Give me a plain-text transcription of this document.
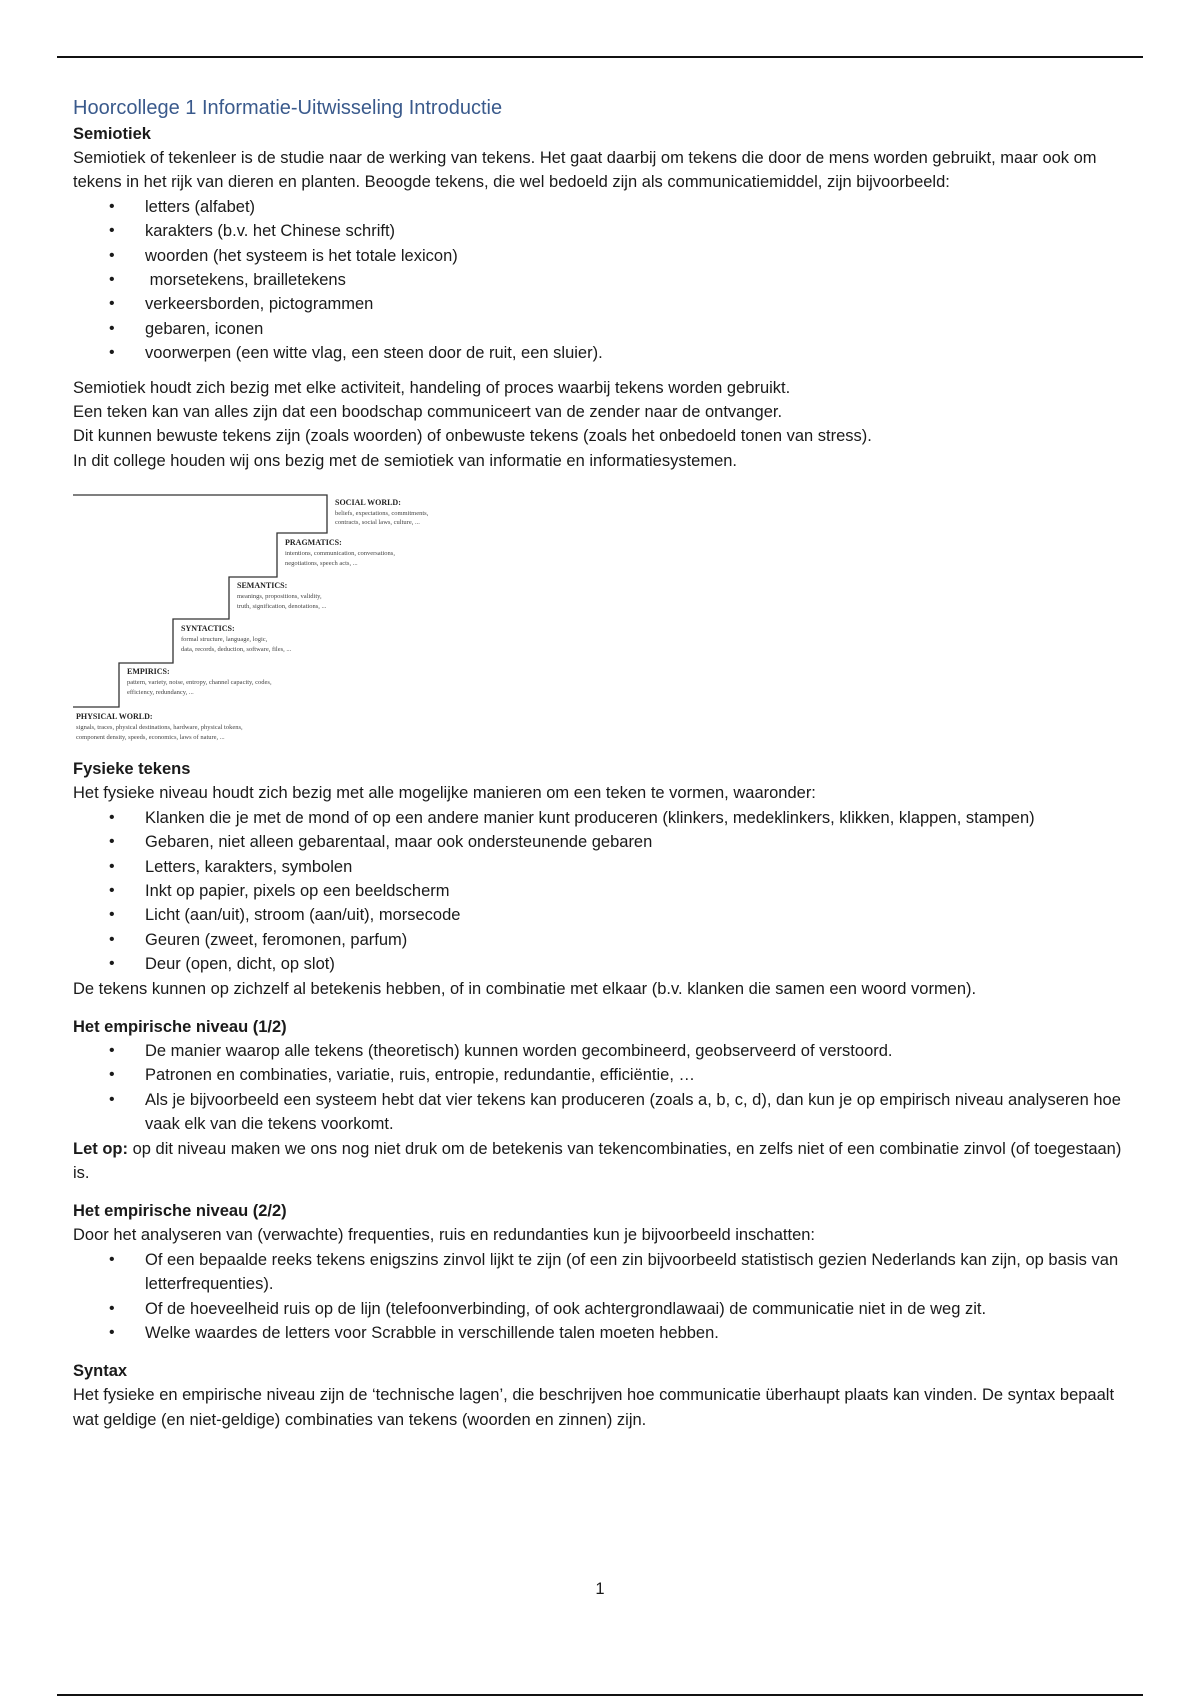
Hoorcollege 1 Informatie-Uitwisseling Introductie
Semiotiek

Semiotiek of tekenleer is de studie naar de werking van tekens. Het gaat daarbij om tekens die door de mens worden gebruikt, maar ook om tekens in het rijk van dieren en planten. Beoogde tekens, die wel bedoeld zijn als communicatiemiddel, zijn bijvoorbeeld:

• letters (alfabet)
• karakters (b.v. het Chinese schrift)
• woorden (het systeem is het totale lexicon)
•  morsetekens, brailletekens
• verkeersborden, pictogrammen
• gebaren, iconen
• voorwerpen (een witte vlag, een steen door de ruit, een sluier).

Semiotiek houdt zich bezig met elke activiteit, handeling of proces waarbij tekens worden gebruikt.

Een teken kan van alles zijn dat een boodschap communiceert van de zender naar de ontvanger.

Dit kunnen bewuste tekens zijn (zoals woorden) of onbewuste tekens (zoals het onbedoeld tonen van stress).

In dit college houden wij ons bezig met de semiotiek van informatie en informatiesystemen.

SOCIAL WORLD:
beliefs, expectations, commitments,
contracts, social laws, culture, ...
PRAGMATICS:
intentions, communication, conversations,
negotiations, speech acts, ...
SEMANTICS:
meanings, propositions, validity,
truth, signification, denotations, ...
SYNTACTICS:
formal structure, language, logic,
data, records, deduction, software, files, ...
EMPIRICS:
pattern, variety, noise, entropy, channel capacity, codes,
efficiency, redundancy, ...
PHYSICAL WORLD:
signals, traces, physical destinations, hardware, physical tokens,
component density, speeds, economics, laws of nature, ...
Fysieke tekens

Het fysieke niveau houdt zich bezig met alle mogelijke manieren om een teken te vormen, waaronder:

• Klanken die je met de mond of op een andere manier kunt produceren (klinkers, medeklinkers, klikken, klappen, stampen)
• Gebaren, niet alleen gebarentaal, maar ook ondersteunende gebaren
• Letters, karakters, symbolen
• Inkt op papier, pixels op een beeldscherm
• Licht (aan/uit), stroom (aan/uit), morsecode
• Geuren (zweet, feromonen, parfum)
• Deur (open, dicht, op slot)

De tekens kunnen op zichzelf al betekenis hebben, of in combinatie met elkaar (b.v. klanken die samen een woord vormen).

Het empirische niveau (1/2)
• De manier waarop alle tekens (theoretisch) kunnen worden gecombineerd, geobserveerd of verstoord.
• Patronen en combinaties, variatie, ruis, entropie, redundantie, efficiëntie, …
• Als je bijvoorbeeld een systeem hebt dat vier tekens kan produceren (zoals a, b, c, d), dan kun je op empirisch niveau analyseren hoe vaak elk van die tekens voorkomt.

Let op: op dit niveau maken we ons nog niet druk om de betekenis van tekencombinaties, en zelfs niet of een combinatie zinvol (of toegestaan) is.

Het empirische niveau (2/2)

Door het analyseren van (verwachte) frequenties, ruis en redundanties kun je bijvoorbeeld inschatten:

• Of een bepaalde reeks tekens enigszins zinvol lijkt te zijn (of een zin bijvoorbeeld statistisch gezien Nederlands kan zijn, op basis van letterfrequenties).
• Of de hoeveelheid ruis op de lijn (telefoonverbinding, of ook achtergrondlawaai) de communicatie niet in de weg zit.
• Welke waardes de letters voor Scrabble in verschillende talen moeten hebben.
Syntax

Het fysieke en empirische niveau zijn de ‘technische lagen’, die beschrijven hoe communicatie überhaupt plaats kan vinden. De syntax bepaalt wat geldige (en niet-geldige) combinaties van tekens (woorden en zinnen) zijn.

1
